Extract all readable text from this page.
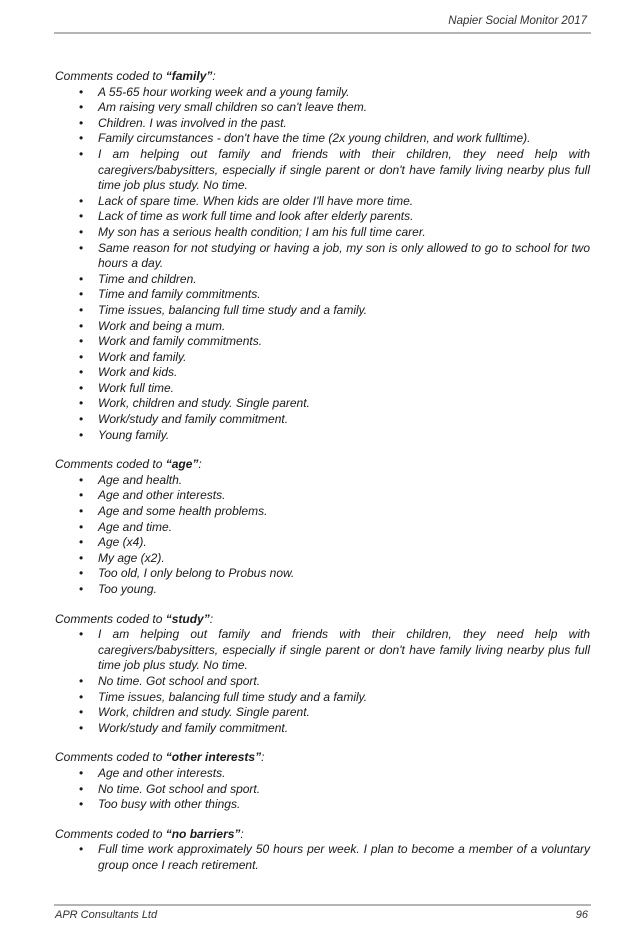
Napier Social Monitor 2017

Comments coded to “family”:

• A 55-65 hour working week and a young family.
• Am raising very small children so can't leave them.
• Children. I was involved in the past.
• Family circumstances - don't have the time (2x young children, and work fulltime).
• I am helping out family and friends with their children, they need help with caregivers/babysitters, especially if single parent or don't have family living nearby plus full time job plus study. No time.
• Lack of spare time. When kids are older I'll have more time.
• Lack of time as work full time and look after elderly parents.
• My son has a serious health condition; I am his full time carer.
• Same reason for not studying or having a job, my son is only allowed to go to school for two hours a day.
• Time and children.
• Time and family commitments.
• Time issues, balancing full time study and a family.
• Work and being a mum.
• Work and family commitments.
• Work and family.
• Work and kids.
• Work full time.
• Work, children and study. Single parent.
• Work/study and family commitment.
• Young family.

Comments coded to “age”:

• Age and health.
• Age and other interests.
• Age and some health problems.
• Age and time.
• Age (x4).
• My age (x2).
• Too old, I only belong to Probus now.
• Too young.

Comments coded to “study”:

• I am helping out family and friends with their children, they need help with caregivers/babysitters, especially if single parent or don't have family living nearby plus full time job plus study. No time.
• No time. Got school and sport.
• Time issues, balancing full time study and a family.
• Work, children and study. Single parent.
• Work/study and family commitment.

Comments coded to “other interests”:

• Age and other interests.
• No time. Got school and sport.
• Too busy with other things.

Comments coded to “no barriers”:

• Full time work approximately 50 hours per week. I plan to become a member of a voluntary group once I reach retirement.
APR Consultants Ltd	96
